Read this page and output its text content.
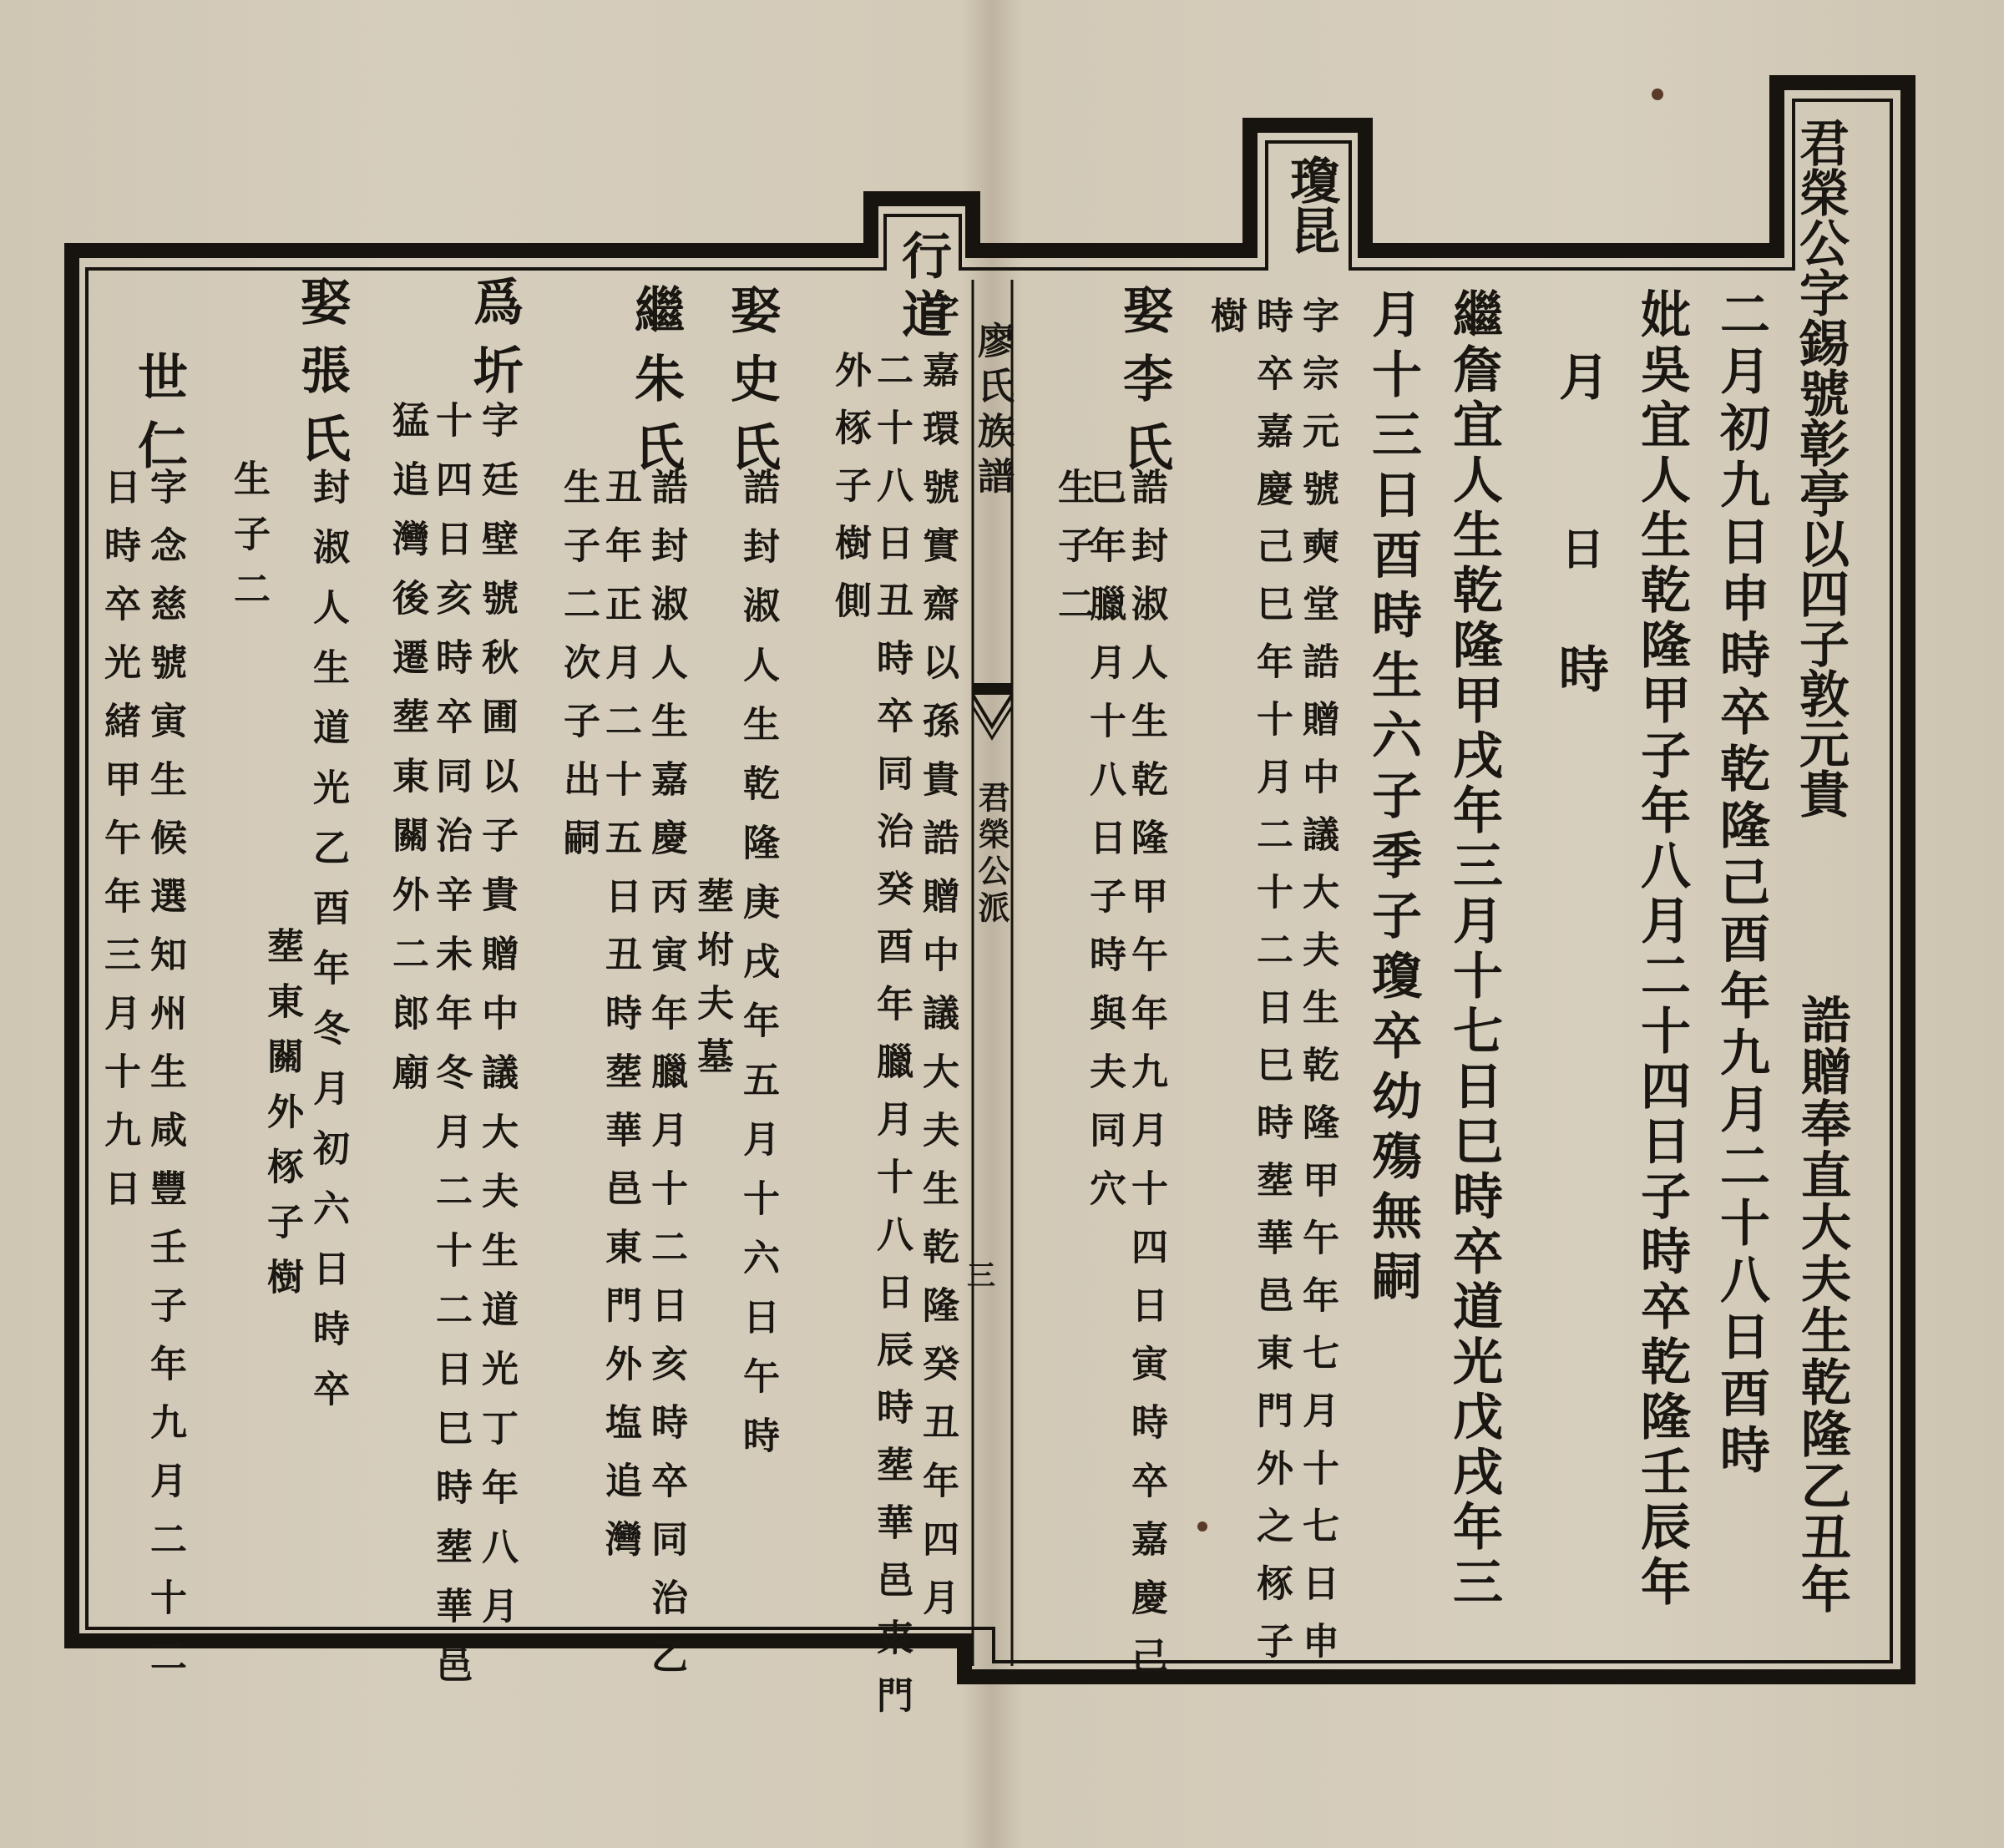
君榮公字錫號彰亭以四子敦元貴

誥贈奉直大夫生乾隆乙丑年

二月初九日申時卒乾隆己酉年九月二十八日酉時

妣吳宜人生乾隆甲子年八月二十四日子時卒乾隆壬辰年

月

日

時

繼詹宜人生乾隆甲戌年三月十七日巳時卒道光戊戌年三

月十三日酉時生六子季子瓊卒幼殤無嗣

瓊昆

字宗元號奭堂誥贈中議大夫生乾隆甲午年七月十七日申

時卒嘉慶己巳年十月二十二日巳時塟華邑東門外之㭬子

樹

娶李氏

誥封淑人生乾隆甲午年九月十四日寅時卒嘉慶己

巳年臘月十八日子時與夫同穴

生子二

廖氏族譜

君榮公派

三

行道

字嘉環號實齋以孫貴誥贈中議大夫生乾隆癸丑年四月

二十八日丑時卒同治癸酉年臘月十八日辰時塟華邑東門

外㭬子樹側

娶史氏

誥封淑人生乾隆庚戌年五月十六日午時

塟坿夫墓

繼朱氏

誥封淑人生嘉慶丙寅年臘月十二日亥時卒同治乙

丑年正月二十五日丑時塟華邑東門外塩追灣

生子二次子出嗣

爲圻

字廷壁號秋圃以子貴贈中議大夫生道光丁年八月

十四日亥時卒同治辛未年冬月二十二日巳時塟華邑

猛追灣後遷塟東關外二郎廟

娶張氏

封淑人生道光乙酉年冬月初六日時卒

塟東關外㭬子樹

生子二

世仁

字念慈號寅生候選知州生咸豐壬子年九月二十二

日時卒光緒甲午年三月十九日
